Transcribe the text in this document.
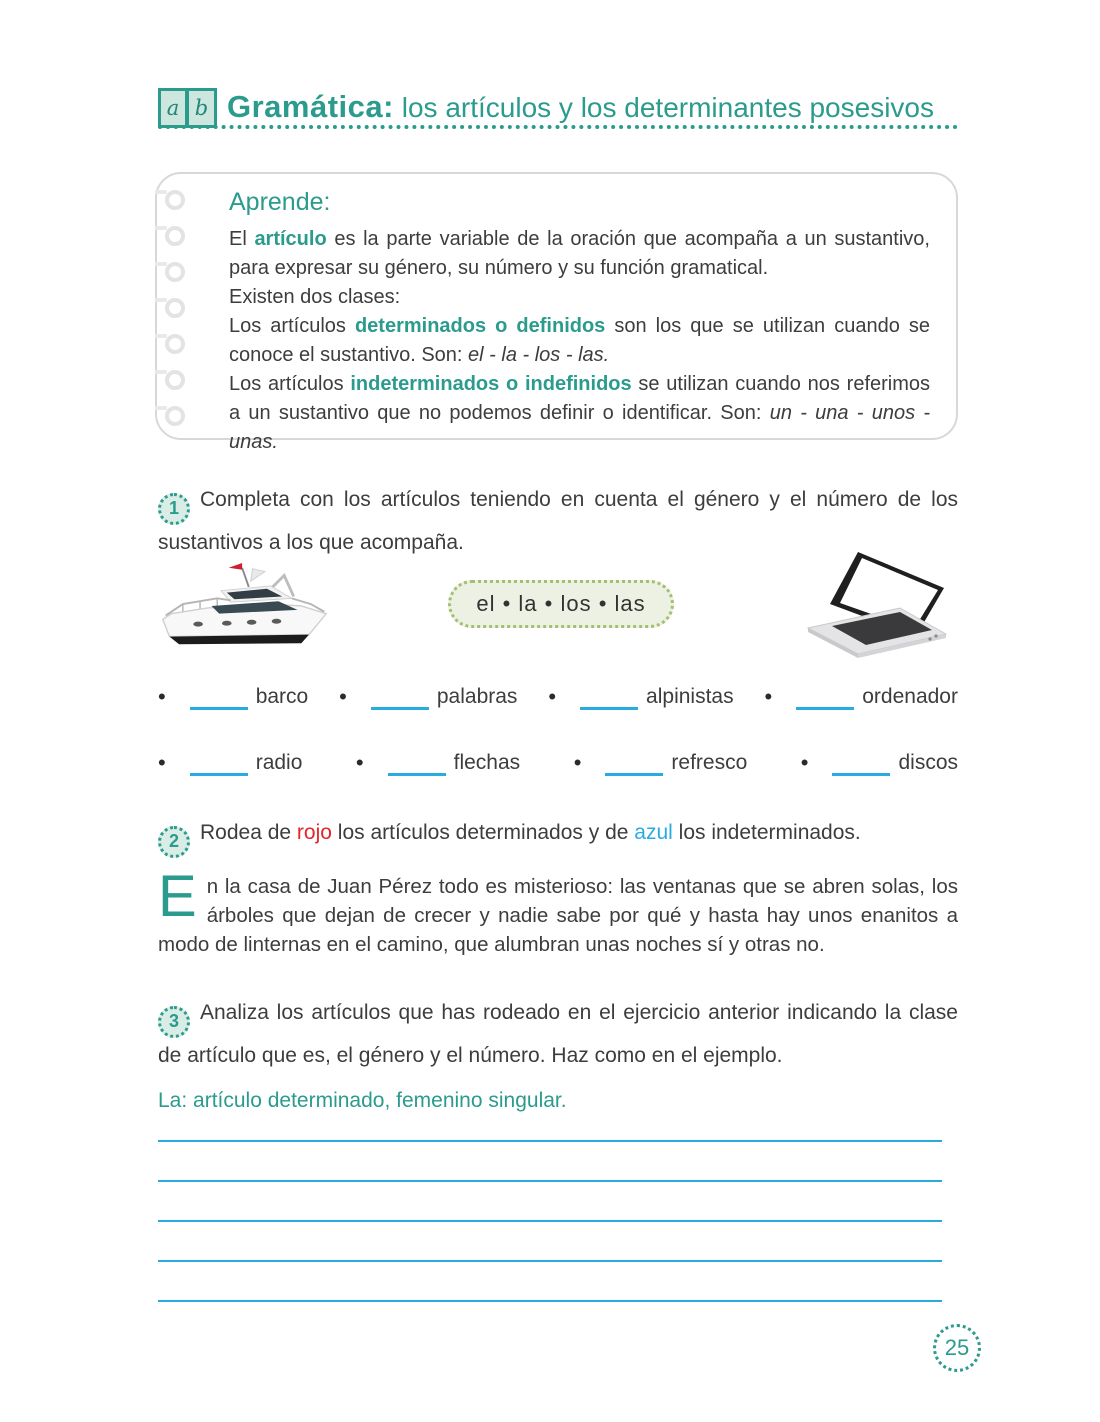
a b Gramática: los artículos y los determinantes posesivos
Aprende:

El artículo es la parte variable de la oración que acompaña a un sustantivo, para expresar su género, su número y su función gramatical.

Existen dos clases:

Los artículos determinados o definidos son los que se utilizan cuando se conoce el sustantivo. Son: el - la - los - las.

Los artículos indeterminados o indefinidos se utilizan cuando nos referimos a un sustantivo que no podemos definir o identificar. Son: un - una - unos - unas.

1 Completa con los artículos teniendo en cuenta el género y el número de los sustantivos a los que acompaña.

el • la • los • las
•	barco •	palabras •	alpinistas •	ordenador
•	radio •	flechas •	refresco •	discos

2 Rodea de rojo los artículos determinados y de azul los indeterminados.

En la casa de Juan Pérez todo es misterioso: las ventanas que se abren solas, los árboles que dejan de crecer y nadie sabe por qué y hasta hay unos enanitos a modo de linternas en el camino, que alumbran unas noches sí y otras no.

3 Analiza los artículos que has rodeado en el ejercicio anterior indicando la clase de artículo que es, el género y el número. Haz como en el ejemplo.

La: artículo determinado, femenino singular.

25
